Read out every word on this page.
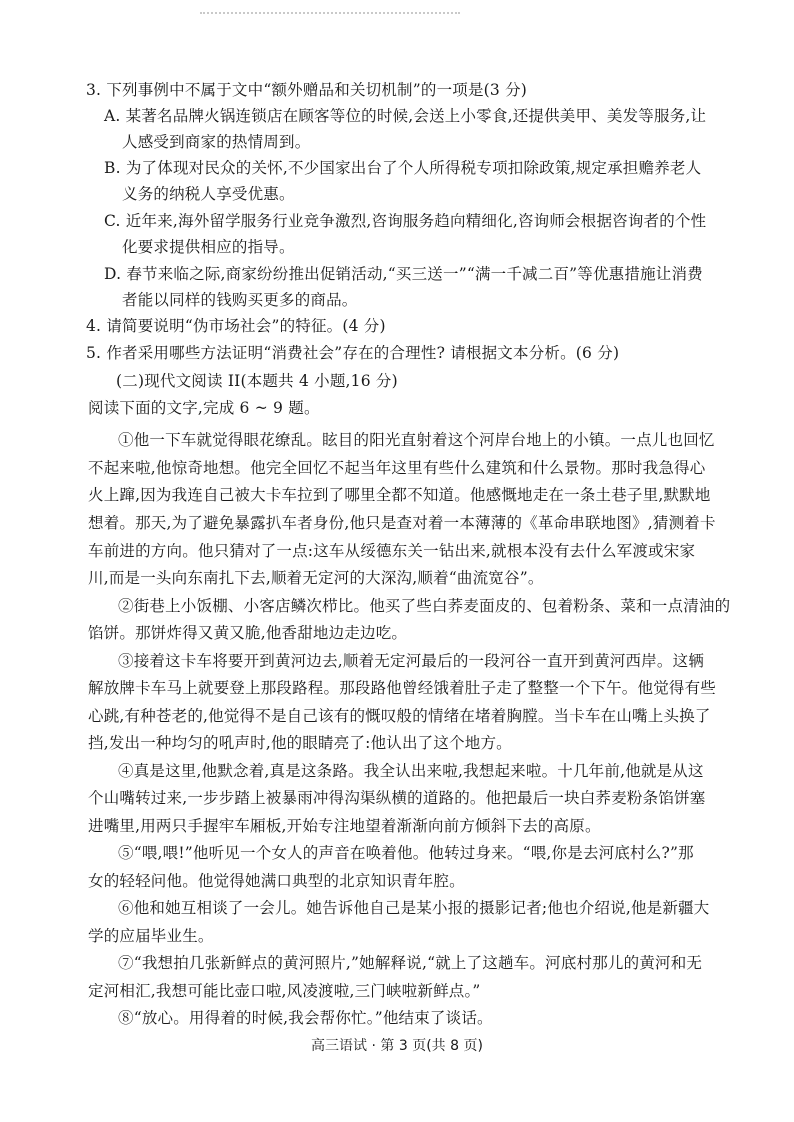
3. 下列事例中不属于文中“额外赠品和关切机制”的一项是(3 分)
A. 某著名品牌火锅连锁店在顾客等位的时候,会送上小零食,还提供美甲、美发等服务,让
人感受到商家的热情周到。
B. 为了体现对民众的关怀,不少国家出台了个人所得税专项扣除政策,规定承担赡养老人
义务的纳税人享受优惠。
C. 近年来,海外留学服务行业竞争激烈,咨询服务趋向精细化,咨询师会根据咨询者的个性
化要求提供相应的指导。
D. 春节来临之际,商家纷纷推出促销活动,“买三送一”“满一千减二百”等优惠措施让消费
者能以同样的钱购买更多的商品。
4. 请简要说明“伪市场社会”的特征。(4 分)
5. 作者采用哪些方法证明“消费社会”存在的合理性? 请根据文本分析。(6 分)
(二)现代文阅读 II(本题共 4 小题,16 分)
阅读下面的文字,完成 6 ~ 9 题。
①他一下车就觉得眼花缭乱。眩目的阳光直射着这个河岸台地上的小镇。一点儿也回忆
不起来啦,他惊奇地想。他完全回忆不起当年这里有些什么建筑和什么景物。那时我急得心
火上蹿,因为我连自己被大卡车拉到了哪里全都不知道。他感慨地走在一条土巷子里,默默地
想着。那天,为了避免暴露扒车者身份,他只是查对着一本薄薄的《革命串联地图》,猜测着卡
车前进的方向。他只猜对了一点:这车从绥德东关一钻出来,就根本没有去什么军渡或宋家
川,而是一头向东南扎下去,顺着无定河的大深沟,顺着“曲流宽谷”。
②街巷上小饭棚、小客店鳞次栉比。他买了些白荞麦面皮的、包着粉条、菜和一点清油的
馅饼。那饼炸得又黄又脆,他香甜地边走边吃。
③接着这卡车将要开到黄河边去,顺着无定河最后的一段河谷一直开到黄河西岸。这辆
解放牌卡车马上就要登上那段路程。那段路他曾经饿着肚子走了整整一个下午。他觉得有些
心跳,有种苍老的,他觉得不是自己该有的慨叹般的情绪在堵着胸膛。当卡车在山嘴上头换了
挡,发出一种均匀的吼声时,他的眼睛亮了:他认出了这个地方。
④真是这里,他默念着,真是这条路。我全认出来啦,我想起来啦。十几年前,他就是从这
个山嘴转过来,一步步踏上被暴雨冲得沟渠纵横的道路的。他把最后一块白荞麦粉条馅饼塞
进嘴里,用两只手握牢车厢板,开始专注地望着渐渐向前方倾斜下去的高原。
⑤“喂,喂!”他听见一个女人的声音在唤着他。他转过身来。“喂,你是去河底村么?”那
女的轻轻问他。他觉得她满口典型的北京知识青年腔。
⑥他和她互相谈了一会儿。她告诉他自己是某小报的摄影记者;他也介绍说,他是新疆大
学的应届毕业生。
⑦“我想拍几张新鲜点的黄河照片,”她解释说,“就上了这趟车。河底村那儿的黄河和无
定河相汇,我想可能比壶口啦,风凌渡啦,三门峡啦新鲜点。”
⑧“放心。用得着的时候,我会帮你忙。”他结束了谈话。
高三语试 · 第 3 页(共 8 页)
